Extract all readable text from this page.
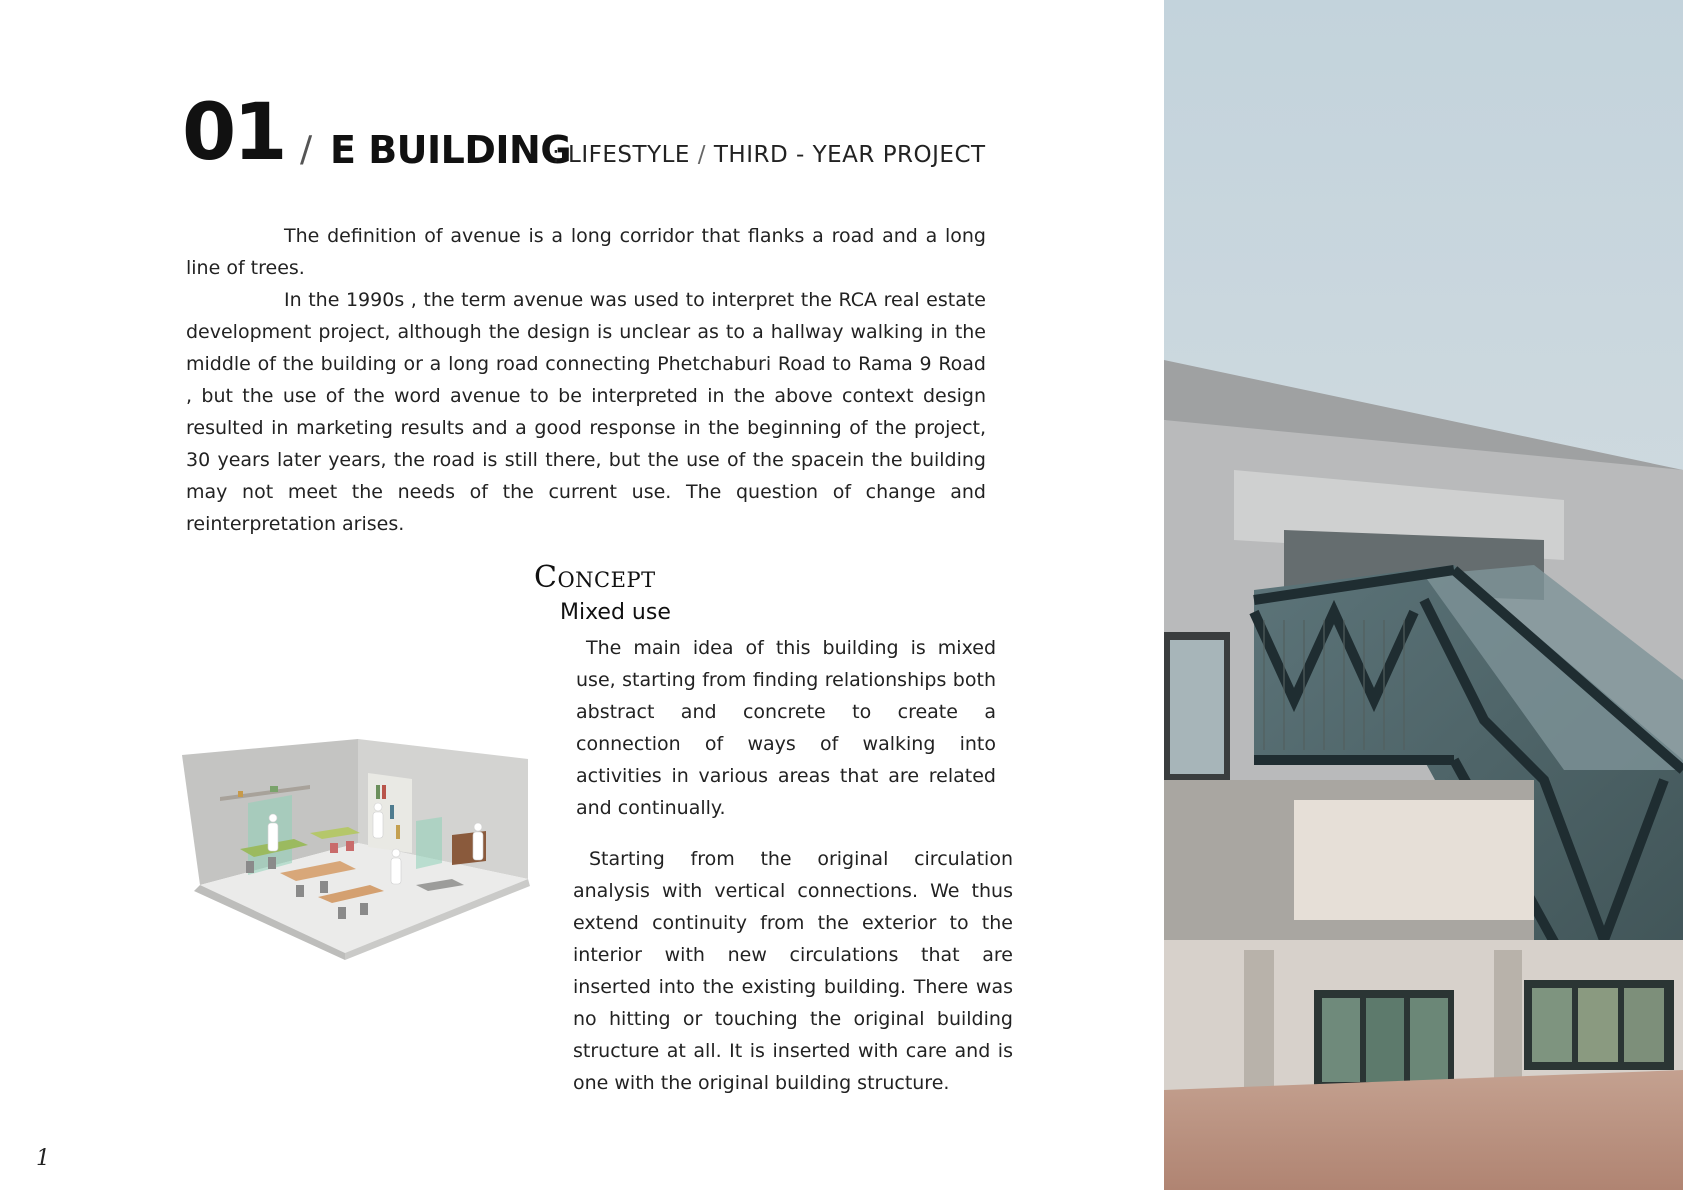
01 / E BUILDING
: LIFESTYLE / THIRD - YEAR PROJECT

The definition of avenue is a long corridor that flanks a road and a long line of trees.

In the 1990s , the term avenue was used to interpret the RCA real estate development project, although the design is unclear as to a hallway walking in the middle of the building or a long road connecting Phetchaburi Road to Rama 9 Road , but the use of the word avenue to be interpreted in the above context design resulted in marketing results and a good response in the beginning of the project, 30 years later years, the road is still there, but the use of the spacein the building may not meet the needs of the current use. The question of change and reinterpretation arises.

Concept
Mixed use

The main idea of this building is mixed use, starting from finding relationships both abstract and concrete to create a connection of ways of walking into activities in various areas that are related and continually.

Starting from the original circulation analysis with vertical connections. We thus extend continuity from the exterior to the interior with new circulations that are inserted into the existing building. There was no hitting or touching the original building structure at all. It is inserted with care and is one with the original building structure.

1
